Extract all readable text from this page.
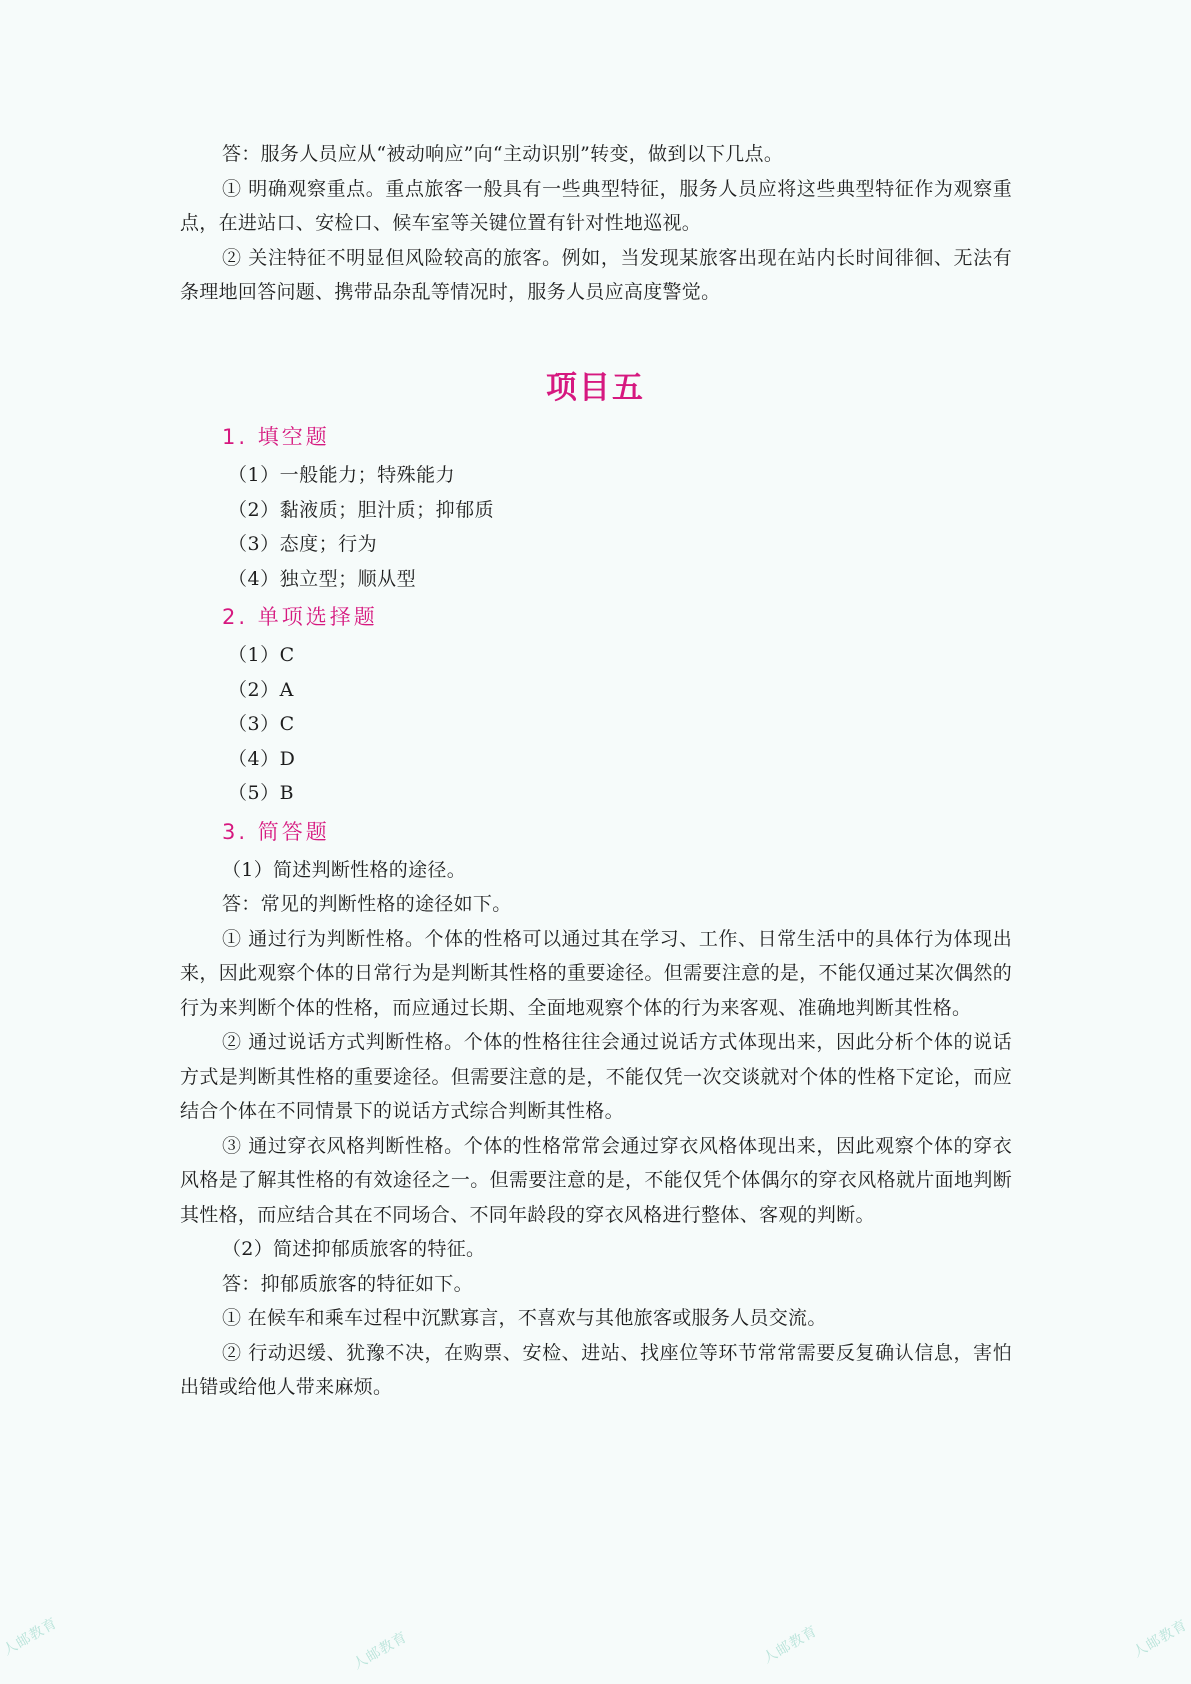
答：服务人员应从“被动响应”向“主动识别”转变，做到以下几点。

① 明确观察重点。重点旅客一般具有一些典型特征，服务人员应将这些典型特征作为观察重点，在进站口、安检口、候车室等关键位置有针对性地巡视。

② 关注特征不明显但风险较高的旅客。例如，当发现某旅客出现在站内长时间徘徊、无法有条理地回答问题、携带品杂乱等情况时，服务人员应高度警觉。

项目五
1. 填空题

（1）一般能力；特殊能力

（2）黏液质；胆汁质；抑郁质

（3）态度；行为

（4）独立型；顺从型

2. 单项选择题

（1）C

（2）A

（3）C

（4）D

（5）B

3. 简答题

（1）简述判断性格的途径。

答：常见的判断性格的途径如下。

① 通过行为判断性格。个体的性格可以通过其在学习、工作、日常生活中的具体行为体现出来，因此观察个体的日常行为是判断其性格的重要途径。但需要注意的是，不能仅通过某次偶然的行为来判断个体的性格，而应通过长期、全面地观察个体的行为来客观、准确地判断其性格。

② 通过说话方式判断性格。个体的性格往往会通过说话方式体现出来，因此分析个体的说话方式是判断其性格的重要途径。但需要注意的是，不能仅凭一次交谈就对个体的性格下定论，而应结合个体在不同情景下的说话方式综合判断其性格。

③ 通过穿衣风格判断性格。个体的性格常常会通过穿衣风格体现出来，因此观察个体的穿衣风格是了解其性格的有效途径之一。但需要注意的是，不能仅凭个体偶尔的穿衣风格就片面地判断其性格，而应结合其在不同场合、不同年龄段的穿衣风格进行整体、客观的判断。

（2）简述抑郁质旅客的特征。

答：抑郁质旅客的特征如下。

① 在候车和乘车过程中沉默寡言，不喜欢与其他旅客或服务人员交流。

② 行动迟缓、犹豫不决，在购票、安检、进站、找座位等环节常常需要反复确认信息，害怕出错或给他人带来麻烦。

人邮教育	人邮教育	人邮教育	人邮教育
